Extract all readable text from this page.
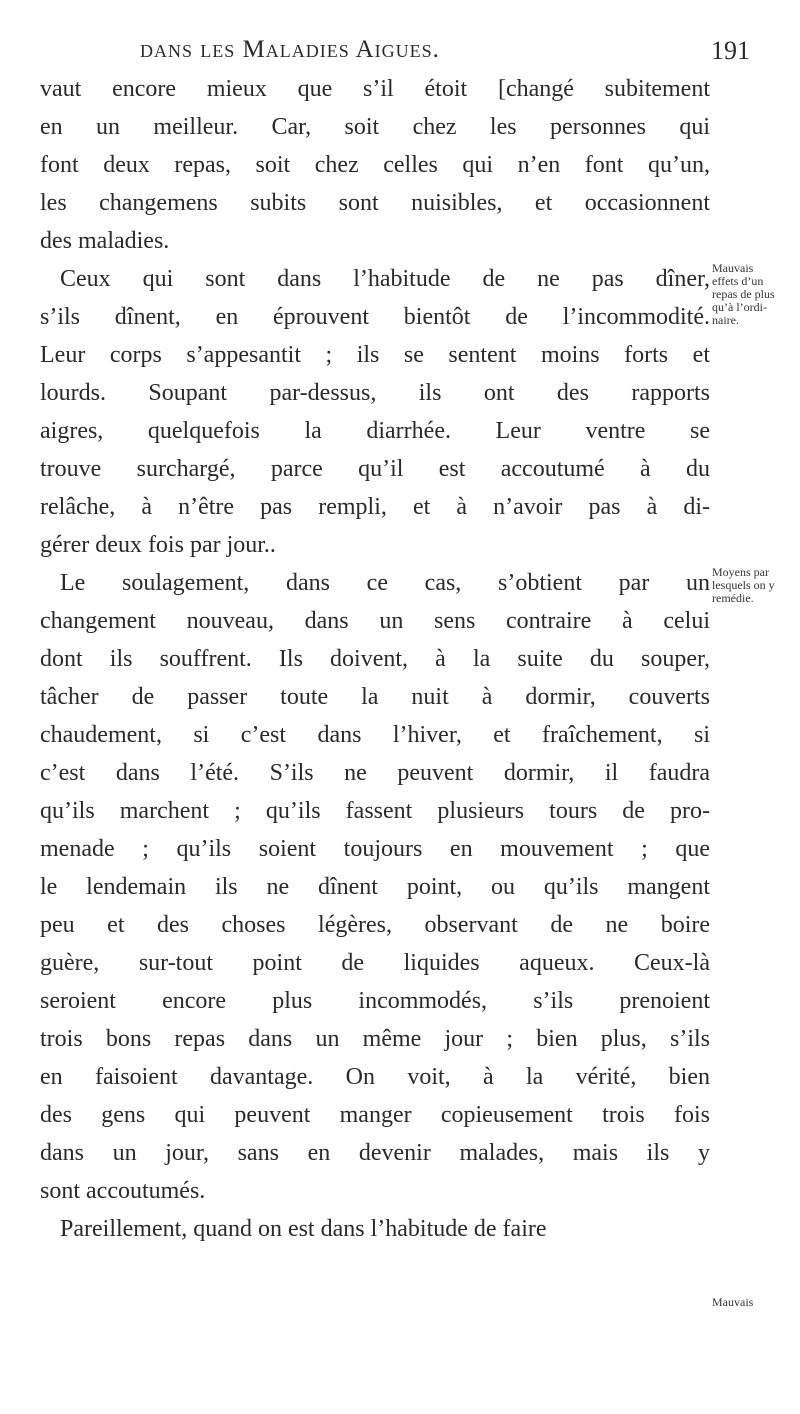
dans les Maladies Aigues.	191
vaut encore mieux que s’il étoit [changé subitement
en un meilleur. Car, soit chez les personnes qui
font deux repas, soit chez celles qui n’en font qu’un,
les changemens subits sont nuisibles, et occasionnent
des maladies.
Ceux qui sont dans l’habitude de ne pas dîner,
s’ils dînent, en éprouvent bientôt de l’incommodité.
Leur corps s’appesantit ; ils se sentent moins forts et
lourds. Soupant par-dessus, ils ont des rapports
aigres, quelquefois la diarrhée. Leur ventre se
trouve surchargé, parce qu’il est accoutumé à du
relâche, à n’être pas rempli, et à n’avoir pas à di-
gérer deux fois par jour..
Le soulagement, dans ce cas, s’obtient par un
changement nouveau, dans un sens contraire à celui
dont ils souffrent. Ils doivent, à la suite du souper,
tâcher de passer toute la nuit à dormir, couverts
chaudement, si c’est dans l’hiver, et fraîchement, si
c’est dans l’été. S’ils ne peuvent dormir, il faudra
qu’ils marchent ; qu’ils fassent plusieurs tours de pro-
menade ; qu’ils soient toujours en mouvement ; que
le lendemain ils ne dînent point, ou qu’ils mangent
peu et des choses légères, observant de ne boire
guère, sur-tout point de liquides aqueux. Ceux-là
seroient encore plus incommodés, s’ils prenoient
trois bons repas dans un même jour ; bien plus, s’ils
en faisoient davantage. On voit, à la vérité, bien
des gens qui peuvent manger copieusement trois fois
dans un jour, sans en devenir malades, mais ils y
sont accoutumés.
Pareillement, quand on est dans l’habitude de faire
Mauvais
effets d’un
repas de plus
qu’à l’ordi-
naire.
Moyens par
lesquels on y
remédie.
Mauvais
